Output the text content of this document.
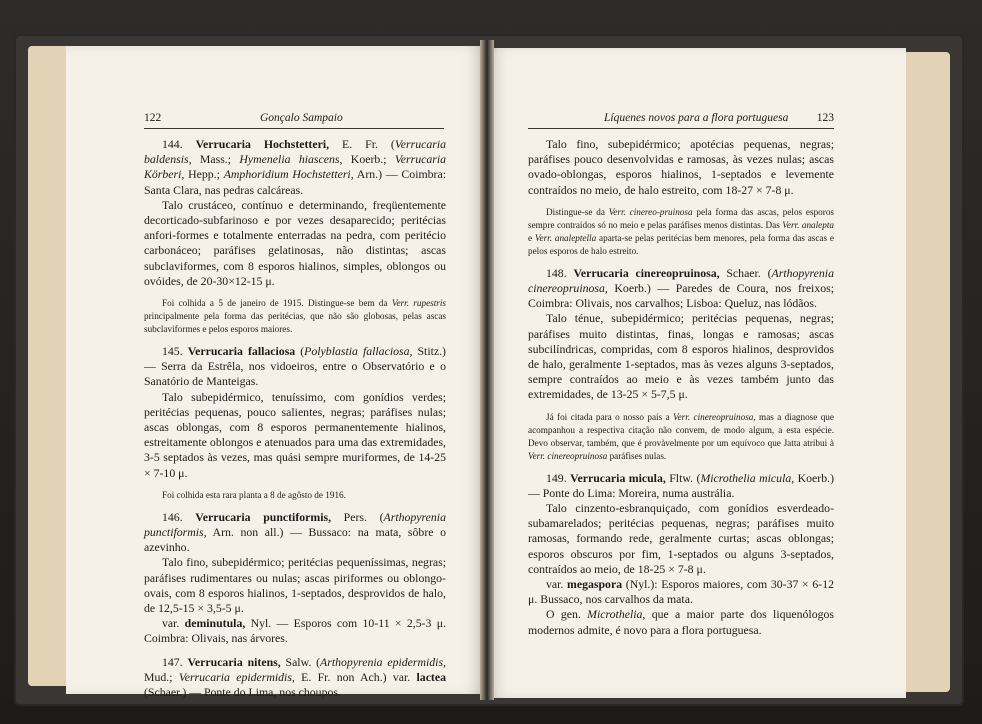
122	Gonçalo Sampaio	Líquenes novos para a flora portuguesa 123

144. Verrucaria Hochstetteri, E. Fr. (Verrucaria baldensis, Mass.; Hymenelia hiascens, Koerb.; Verrucaria Körberi, Hepp.; Amphoridium Hochstetteri, Arn.) — Coimbra: Santa Clara, nas pedras calcáreas.

Talo crustáceo, contínuo e determinando, freqüentemente decorticado-subfarinoso e por vezes desaparecido; peritécias anfori-formes e totalmente enterradas na pedra, com peritécio carbonáceo; paráfises gelatinosas, não distintas; ascas subclaviformes, com 8 esporos hialinos, simples, oblongos ou ovóides, de 20-30×12-15 μ.

Foi colhida a 5 de janeiro de 1915. Distingue-se bem da Verr. rupestris principalmente pela forma das peritécias, que não são globosas, pelas ascas subclaviformes e pelos esporos maiores.

145. Verrucaria fallaciosa (Polyblastia fallaciosa, Stitz.) — Serra da Estrêla, nos vidoeiros, entre o Observatório e o Sanatório de Manteigas.

Talo subepidérmico, tenuíssimo, com gonídios verdes; peritécias pequenas, pouco salientes, negras; paráfises nulas; ascas oblongas, com 8 esporos permanentemente hialinos, estreitamente oblongos e atenuados para uma das extremidades, 3-5 septados às vezes, mas quási sempre muriformes, de 14-25 × 7-10 μ.

Foi colhida esta rara planta a 8 de agôsto de 1916.

146. Verrucaria punctiformis, Pers. (Arthopyrenia punctiformis, Arn. non all.) — Bussaco: na mata, sôbre o azevinho.

Talo fino, subepidérmico; peritécias pequeníssimas, negras; paráfises rudimentares ou nulas; ascas piriformes ou oblongo-ovais, com 8 esporos hialinos, 1-septados, desprovidos de halo, de 12,5-15 × 3,5-5 μ.

var. deminutula, Nyl. — Esporos com 10-11 × 2,5-3 μ. Coimbra: Olivais, nas árvores.

147. Verrucaria nitens, Salw. (Arthopyrenia epidermidis, Mud.; Verrucaria epidermidis, E. Fr. non Ach.) var. lactea (Schaer.) — Ponte do Lima, nos choupos.

Talo fino, subepidérmico; apotécias pequenas, negras; paráfises pouco desenvolvidas e ramosas, às vezes nulas; ascas ovado-oblongas, esporos hialinos, 1-septados e levemente contraídos no meio, de halo estreito, com 18-27 × 7-8 μ.

Distingue-se da Verr. cinereo-pruinosa pela forma das ascas, pelos esporos sempre contraídos só no meio e pelas paráfises menos distintas. Das Verr. analepta e Verr. analeptella aparta-se pelas peritécias bem menores, pela forma das ascas e pelos esporos de halo estreito.

148. Verrucaria cinereopruinosa, Schaer. (Arthopyrenia cinereopruinosa, Koerb.) — Paredes de Coura, nos freixos; Coimbra: Olivais, nos carvalhos; Lisboa: Queluz, nas lódãos.

Talo ténue, subepidérmico; peritécias pequenas, negras; paráfises muito distintas, finas, longas e ramosas; ascas subcilíndricas, compridas, com 8 esporos hialinos, desprovidos de halo, geralmente 1-septados, mas às vezes alguns 3-septados, sempre contraídos ao meio e às vezes também junto das extremidades, de 13-25 × 5-7,5 μ.

Já foi citada para o nosso país a Verr. cinereopruinosa, mas a diagnose que acompanhou a respectiva citação não convem, de modo algum, a esta espécie. Devo observar, também, que é provàvelmente por um equívoco que Jatta atribui à Verr. cinereopruinosa paráfises nulas.

149. Verrucaria micula, Fltw. (Microthelia micula, Koerb.) — Ponte do Lima: Moreira, numa austrália.

Talo cinzento-esbranquiçado, com gonídios esverdeado-subamarelados; peritécias pequenas, negras; paráfises muito ramosas, formando rede, geralmente curtas; ascas oblongas; esporos obscuros por fim, 1-septados ou alguns 3-septados, contraídos ao meio, de 18-25 × 7-8 μ.

var. megaspora (Nyl.): Esporos maiores, com 30-37 × 6-12 μ. Bussaco, nos carvalhos da mata.

O gen. Microthelia, que a maior parte dos liquenólogos modernos admite, é novo para a flora portuguesa.
